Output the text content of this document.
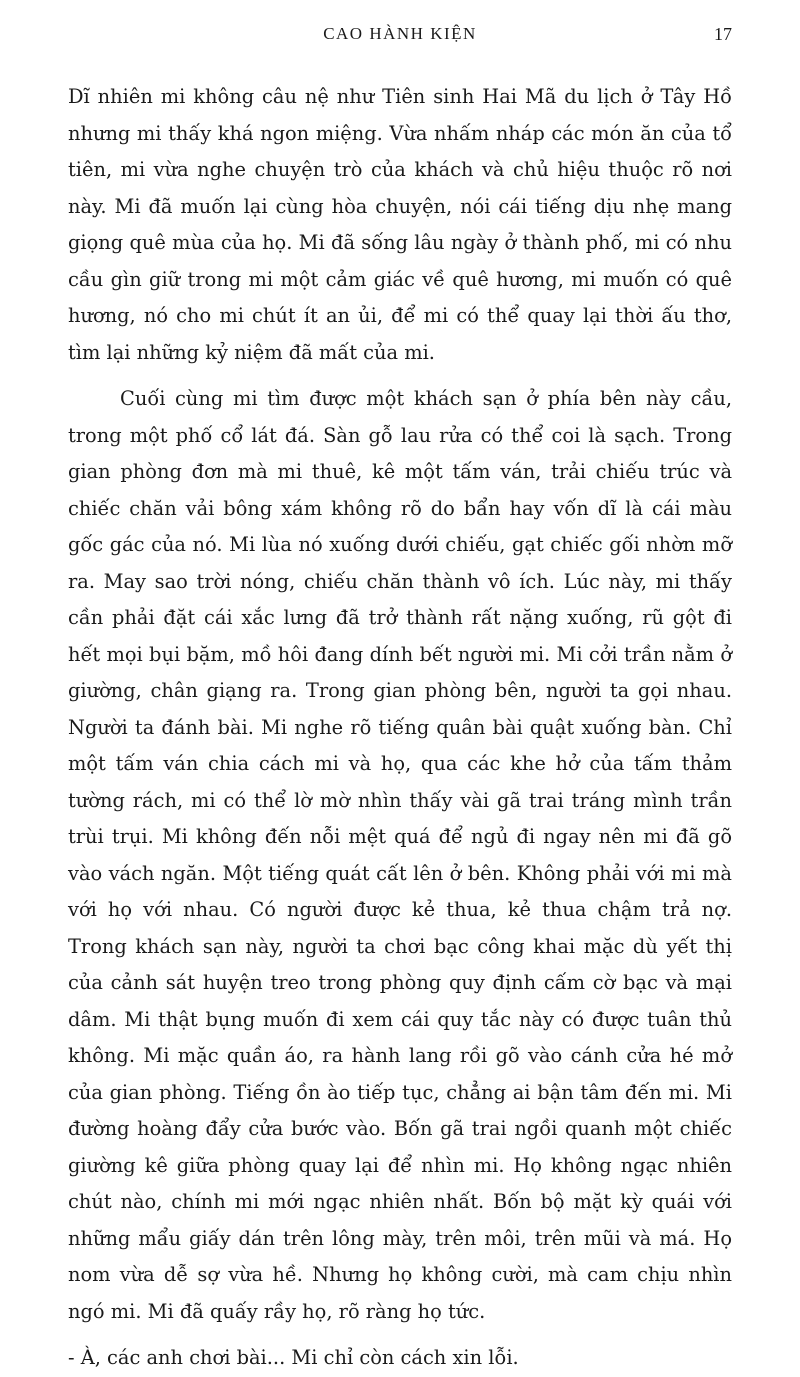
CAO HÀNH KIỆN	17

Dĩ nhiên mi không câu nệ như Tiên sinh Hai Mã du lịch ở Tây Hồ nhưng mi thấy khá ngon miệng. Vừa nhấm nháp các món ăn của tổ tiên, mi vừa nghe chuyện trò của khách và chủ hiệu thuộc rõ nơi này. Mi đã muốn lại cùng hòa chuyện, nói cái tiếng dịu nhẹ mang giọng quê mùa của họ. Mi đã sống lâu ngày ở thành phố, mi có nhu cầu gìn giữ trong mi một cảm giác về quê hương, mi muốn có quê hương, nó cho mi chút ít an ủi, để mi có thể quay lại thời ấu thơ, tìm lại những kỷ niệm đã mất của mi.

Cuối cùng mi tìm được một khách sạn ở phía bên này cầu, trong một phố cổ lát đá. Sàn gỗ lau rửa có thể coi là sạch. Trong gian phòng đơn mà mi thuê, kê một tấm ván, trải chiếu trúc và chiếc chăn vải bông xám không rõ do bẩn hay vốn dĩ là cái màu gốc gác của nó. Mi lùa nó xuống dưới chiếu, gạt chiếc gối nhờn mỡ ra. May sao trời nóng, chiếu chăn thành vô ích. Lúc này, mi thấy cần phải đặt cái xắc lưng đã trở thành rất nặng xuống, rũ gột đi hết mọi bụi bặm, mồ hôi đang dính bết người mi. Mi cởi trần nằm ở giường, chân giạng ra. Trong gian phòng bên, người ta gọi nhau. Người ta đánh bài. Mi nghe rõ tiếng quân bài quật xuống bàn. Chỉ một tấm ván chia cách mi và họ, qua các khe hở của tấm thảm tường rách, mi có thể lờ mờ nhìn thấy vài gã trai tráng mình trần trùi trụi. Mi không đến nỗi mệt quá để ngủ đi ngay nên mi đã gõ vào vách ngăn. Một tiếng quát cất lên ở bên. Không phải với mi mà với họ với nhau. Có người được kẻ thua, kẻ thua chậm trả nợ. Trong khách sạn này, người ta chơi bạc công khai mặc dù yết thị của cảnh sát huyện treo trong phòng quy định cấm cờ bạc và mại dâm. Mi thật bụng muốn đi xem cái quy tắc này có được tuân thủ không. Mi mặc quần áo, ra hành lang rồi gõ vào cánh cửa hé mở của gian phòng. Tiếng ồn ào tiếp tục, chẳng ai bận tâm đến mi. Mi đường hoàng đẩy cửa bước vào. Bốn gã trai ngồi quanh một chiếc giường kê giữa phòng quay lại để nhìn mi. Họ không ngạc nhiên chút nào, chính mi mới ngạc nhiên nhất. Bốn bộ mặt kỳ quái với những mẩu giấy dán trên lông mày, trên môi, trên mũi và má. Họ nom vừa dễ sợ vừa hề. Nhưng họ không cười, mà cam chịu nhìn ngó mi. Mi đã quấy rầy họ, rõ ràng họ tức.

- À, các anh chơi bài... Mi chỉ còn cách xin lỗi.
